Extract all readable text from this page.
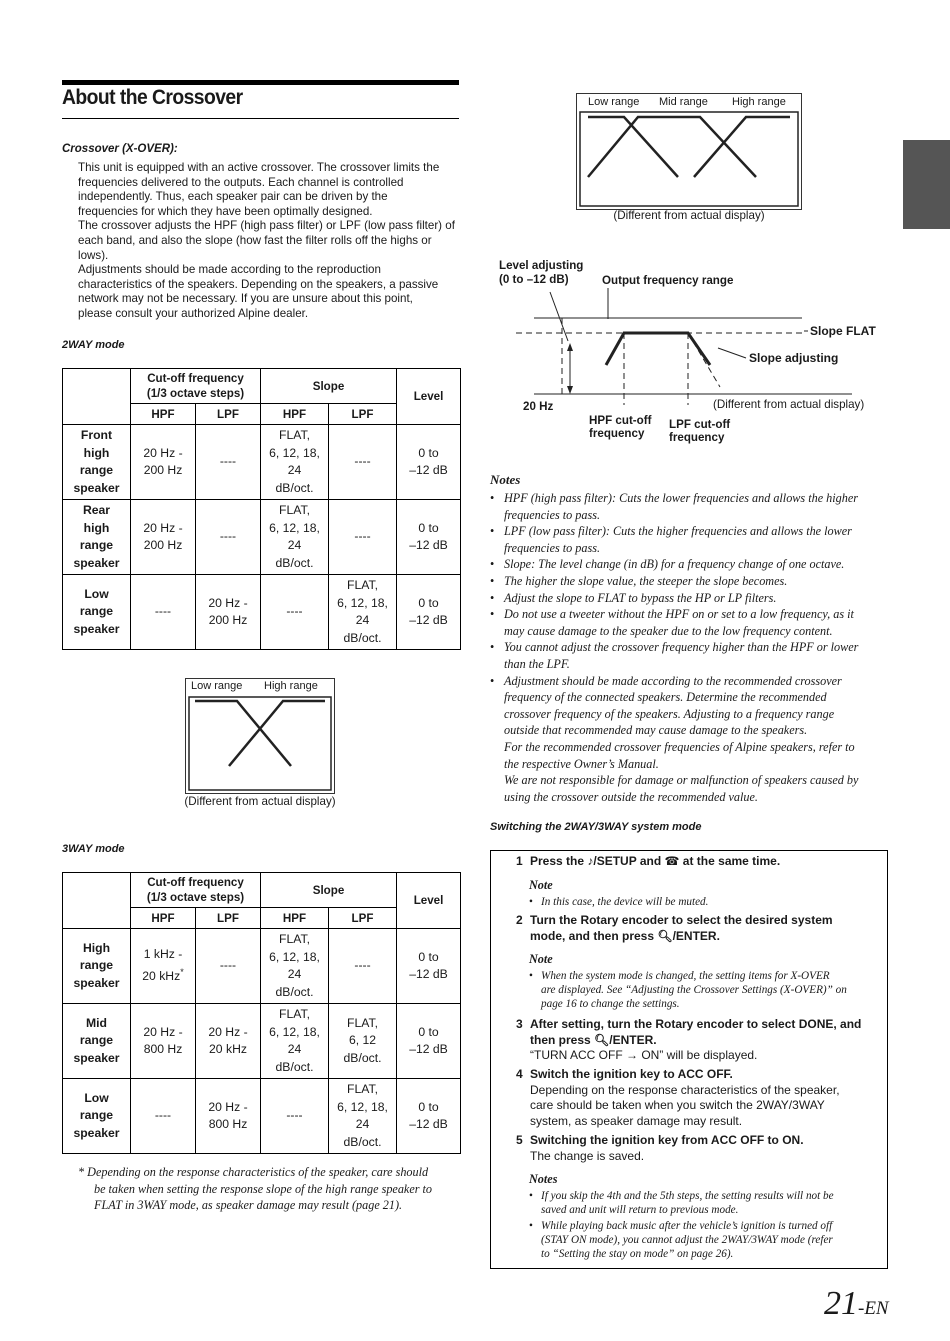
About the Crossover
Crossover (X-OVER):
This unit is equipped with an active crossover. The crossover limits the
frequencies delivered to the outputs. Each channel is controlled
independently. Thus, each speaker pair can be driven by the
frequencies for which they have been optimally designed.
The crossover adjusts the HPF (high pass filter) or LPF (low pass filter) of
each band, and also the slope (how fast the filter rolls off the highs or
lows).
Adjustments should be made according to the reproduction
characteristics of the speakers. Depending on the speakers, a passive
network may not be necessary. If you are unsure about this point,
please consult your authorized Alpine dealer.
2WAY mode
	Cut-off frequency
(1/3 octave steps)		Slope		Level
	HPF	LPF	HPF	LPF	
Front
high
range
speaker	20 Hz -
200 Hz	----	FLAT,
6, 12, 18,
24
dB/oct.	----	0 to
–12 dB
Rear
high
range
speaker	20 Hz -
200 Hz	----	FLAT,
6, 12, 18,
24
dB/oct.	----	0 to
–12 dB
Low
range
speaker	----	20 Hz -
200 Hz	----	FLAT,
6, 12, 18,
24
dB/oct.	0 to
–12 dB
Low range High range
(Different from actual display)
3WAY mode
	Cut-off frequency
(1/3 octave steps)		Slope		Level
	HPF	LPF	HPF	LPF	
High
range
speaker	1 kHz -
20 kHz*	----	FLAT,
6, 12, 18,
24
dB/oct.	----	0 to
–12 dB
Mid
range
speaker	20 Hz -
800 Hz	20 Hz -
20 kHz	FLAT,
6, 12, 18,
24
dB/oct.	FLAT,
6, 12
dB/oct.	0 to
–12 dB
Low
range
speaker	----	20 Hz -
800 Hz	----	FLAT,
6, 12, 18,
24
dB/oct.	0 to
–12 dB
* Depending on the response characteristics of the speaker, care should
be taken when setting the response slope of the high range speaker to
FLAT in 3WAY mode, as speaker damage may result (page 21).
Low range Mid range High range
(Different from actual display)
Level adjusting
(0 to –12 dB)	Output frequency range
Slope FLAT
Slope adjusting
20 Hz	(Different from actual display)
HPF cut-off
frequency
LPF cut-off
frequency
Notes
• HPF (high pass filter): Cuts the lower frequencies and allows the higher
frequencies to pass.
• LPF (low pass filter): Cuts the higher frequencies and allows the lower
frequencies to pass.
• Slope: The level change (in dB) for a frequency change of one octave.
• The higher the slope value, the steeper the slope becomes.
• Adjust the slope to FLAT to bypass the HP or LP filters.
• Do not use a tweeter without the HPF on or set to a low frequency, as it
may cause damage to the speaker due to the low frequency content.
• You cannot adjust the crossover frequency higher than the HPF or lower
than the LPF.
• Adjustment should be made according to the recommended crossover
frequency of the connected speakers. Determine the recommended
crossover frequency of the speakers. Adjusting to a frequency range
outside that recommended may cause damage to the speakers.
For the recommended crossover frequencies of Alpine speakers, refer to
the respective Owner’s Manual.
We are not responsible for damage or malfunction of speakers caused by
using the crossover outside the recommended value.
Switching the 2WAY/3WAY system mode
1 Press the ♪/SETUP and ☎ at the same time.
Note
• In this case, the device will be muted.
2 Turn the Rotary encoder to select the desired system
mode, and then press 🔍︎/ENTER.
Note
• When the system mode is changed, the setting items for X-OVER
are displayed. See “Adjusting the Crossover Settings (X-OVER)” on
page 16 to change the settings.
3 After setting, turn the Rotary encoder to select DONE, and
then press 🔍︎/ENTER.
“TURN ACC OFF → ON” will be displayed.
4 Switch the ignition key to ACC OFF.
Depending on the response characteristics of the speaker,
care should be taken when you switch the 2WAY/3WAY
system, as speaker damage may result.
5 Switching the ignition key from ACC OFF to ON.
The change is saved.
Notes
• If you skip the 4th and the 5th steps, the setting results will not be
saved and unit will return to previous mode.
• While playing back music after the vehicle’s ignition is turned off
(STAY ON mode), you cannot adjust the 2WAY/3WAY mode (refer
to “Setting the stay on mode” on page 26).
21-EN
